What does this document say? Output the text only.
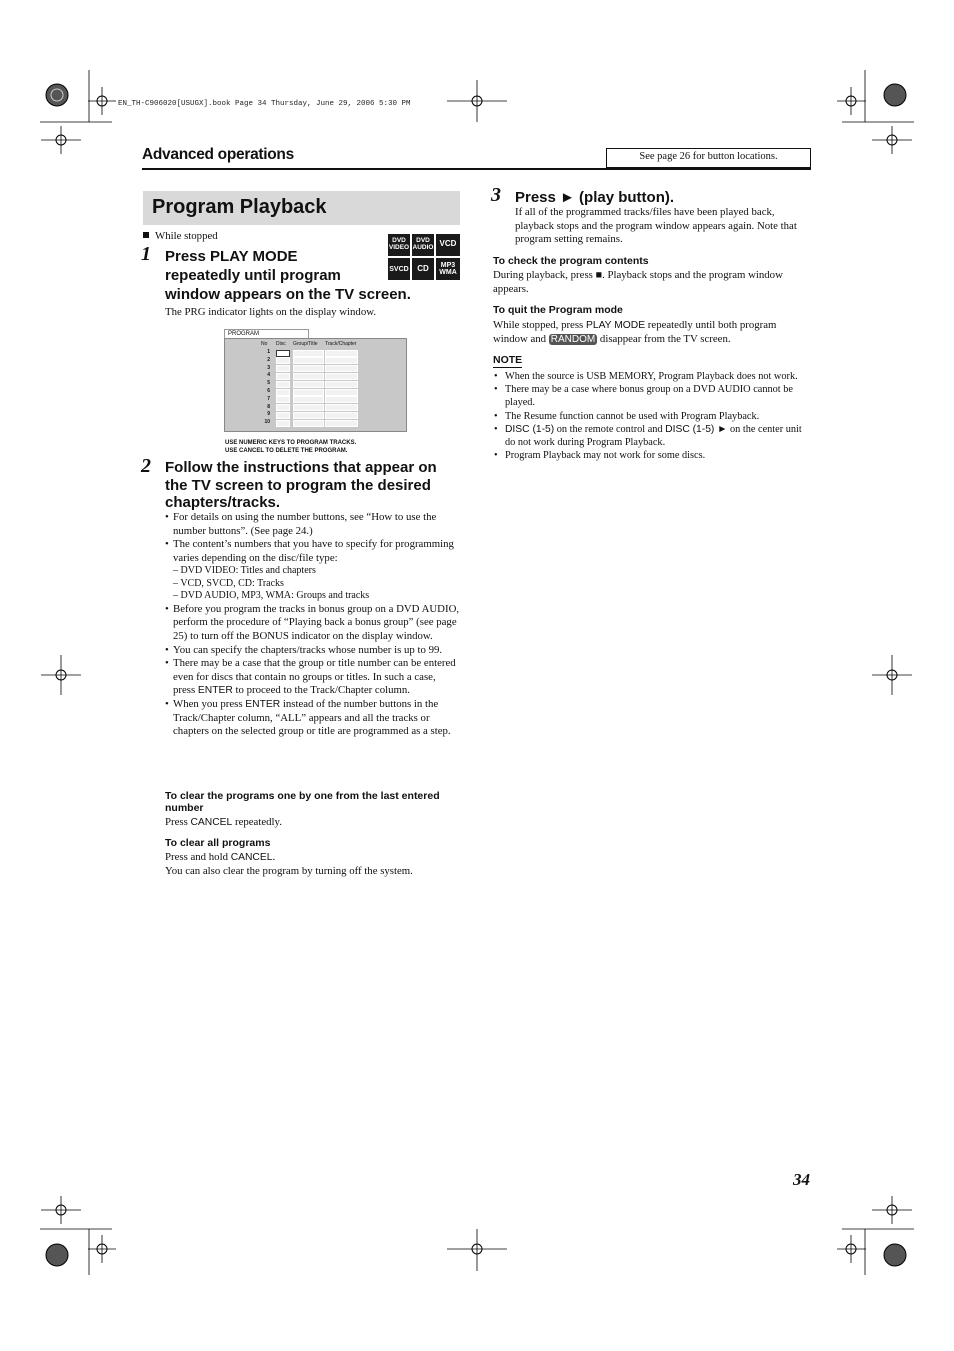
EN_TH-C906020[USUGX].book Page 34 Thursday, June 29, 2006 5:30 PM
Advanced operations	See page 26 for button locations.
Program Playback
DVD
VIDEO
DVD
AUDIO VCD
SVCD	CD	MP3
WMA
While stopped
1 Press PLAY MODE
repeatedly until program
window appears on the TV screen.
The PRG indicator lights on the display window.
PROGRAM
No Disc Group/Title Track/Chapter
1
2
3
4
5
6
7
8
9
10
USE NUMERIC KEYS TO PROGRAM TRACKS.
USE CANCEL TO DELETE THE PROGRAM.
2 Follow the instructions that appear on
the TV screen to program the desired
chapters/tracks.
• For details on using the number buttons, see “How to use the number buttons”. (See page 24.)
• The content’s numbers that you have to specify for programming varies depending on the disc/file type:
– DVD VIDEO: Titles and chapters
– VCD, SVCD, CD: Tracks
– DVD AUDIO, MP3, WMA: Groups and tracks
• Before you program the tracks in bonus group on a DVD AUDIO, perform the procedure of “Playing back a bonus group” (see page 25) to turn off the BONUS indicator on the display window.
• You can specify the chapters/tracks whose number is up to 99.
• There may be a case that the group or title number can be entered even for discs that contain no groups or titles. In such a case, press ENTER to proceed to the Track/Chapter column.
• When you press ENTER instead of the number buttons in the Track/Chapter column, “ALL” appears and all the tracks or chapters on the selected group or title are programmed as a step.
To clear the programs one by one from the last entered number
Press CANCEL repeatedly.
To clear all programs
Press and hold CANCEL.
You can also clear the program by turning off the system.
3 Press ► (play button).
If all of the programmed tracks/files have been played back, playback stops and the program window appears again. Note that program setting remains.
To check the program contents
During playback, press ■. Playback stops and the program window appears.
To quit the Program mode
While stopped, press PLAY MODE repeatedly until both program window and RANDOM disappear from the TV screen.
NOTE
• When the source is USB MEMORY, Program Playback does not work.
• There may be a case where bonus group on a DVD AUDIO cannot be played.
• The Resume function cannot be used with Program Playback.
• DISC (1-5) on the remote control and DISC (1-5) ► on the center unit do not work during Program Playback.
• Program Playback may not work for some discs.
34
